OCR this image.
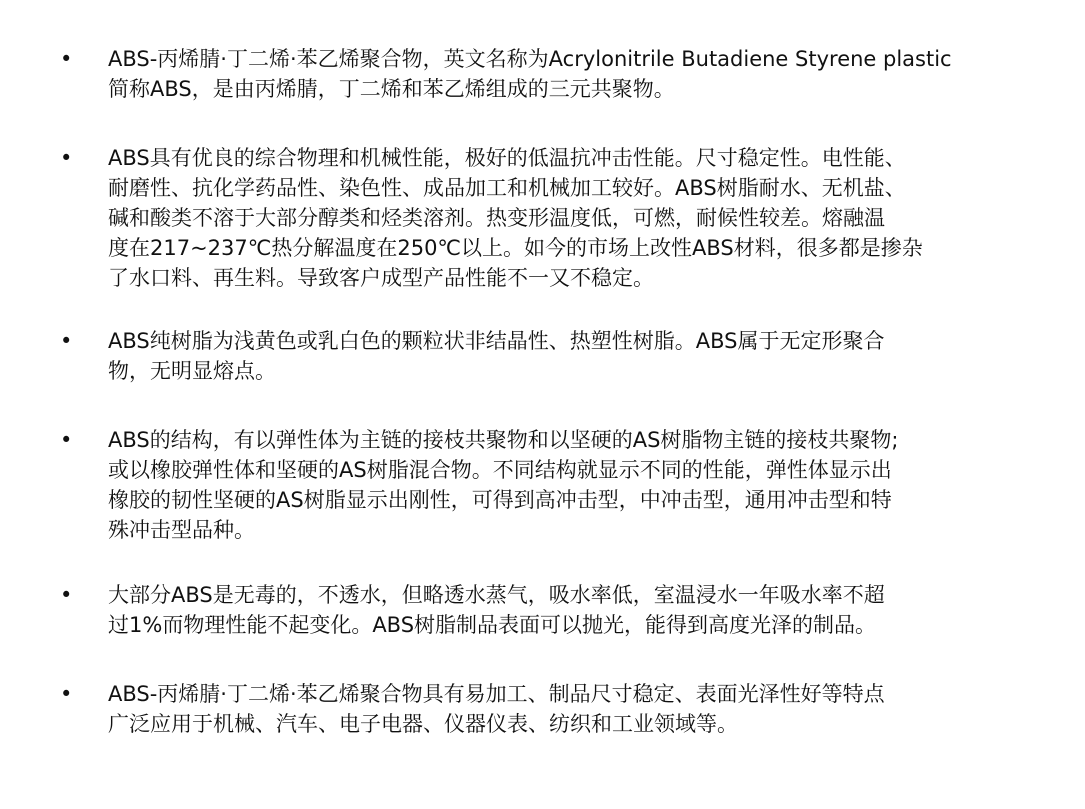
• ABS-丙烯腈·丁二烯·苯乙烯聚合物，英文名称为Acrylonitrile Butadiene Styrene plastic
简称ABS，是由丙烯腈，丁二烯和苯乙烯组成的三元共聚物。
• ABS具有优良的综合物理和机械性能，极好的低温抗冲击性能。尺寸稳定性。电性能、
耐磨性、抗化学药品性、染色性、成品加工和机械加工较好。ABS树脂耐水、无机盐、
碱和酸类不溶于大部分醇类和烃类溶剂。热变形温度低，可燃，耐候性较差。熔融温
度在217~237℃热分解温度在250℃以上。如今的市场上改性ABS材料，很多都是掺杂
了水口料、再生料。导致客户成型产品性能不一又不稳定。
• ABS纯树脂为浅黄色或乳白色的颗粒状非结晶性、热塑性树脂。ABS属于无定形聚合
物，无明显熔点。
• ABS的结构，有以弹性体为主链的接枝共聚物和以坚硬的AS树脂物主链的接枝共聚物;
或以橡胶弹性体和坚硬的AS树脂混合物。不同结构就显示不同的性能，弹性体显示出
橡胶的韧性坚硬的AS树脂显示出刚性，可得到高冲击型，中冲击型，通用冲击型和特
殊冲击型品种。
• 大部分ABS是无毒的，不透水，但略透水蒸气，吸水率低，室温浸水一年吸水率不超
过1%而物理性能不起变化。ABS树脂制品表面可以抛光，能得到高度光泽的制品。
• ABS-丙烯腈·丁二烯·苯乙烯聚合物具有易加工、制品尺寸稳定、表面光泽性好等特点
广泛应用于机械、汽车、电子电器、仪器仪表、纺织和工业领域等。
